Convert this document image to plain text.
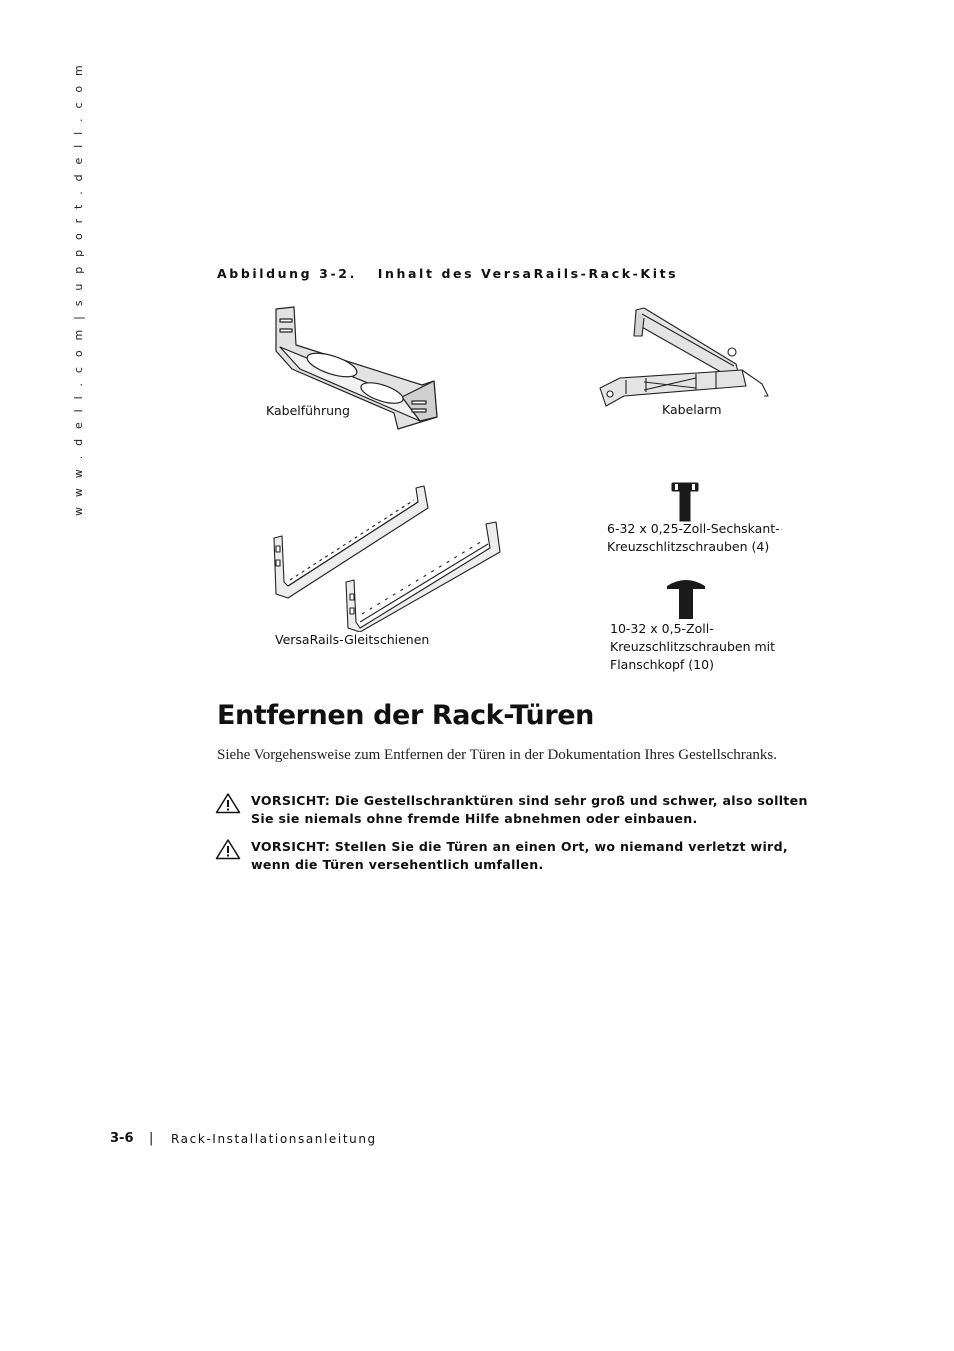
w w w . d e l l . c o m | s u p p o r t . d e l l . c o m	Abbildung 3-2.   Inhalt des VersaRails-Rack-Kits
Kabelführung	Kabelarm
VersaRails-Gleitschienen
6-32 x 0,25-Zoll-Sechskant-
Kreuzschlitzschrauben (4)
10-32 x 0,5-Zoll-
Kreuzschlitzschrauben mit
Flanschkopf (10)
Entfernen der Rack-Türen
Siehe Vorgehensweise zum Entfernen der Türen in der Dokumentation Ihres Gestellschranks.
VORSICHT: Die Gestellschranktüren sind sehr groß und schwer, also sollten Sie sie niemals ohne fremde Hilfe abnehmen oder einbauen.
VORSICHT: Stellen Sie die Türen an einen Ort, wo niemand verletzt wird, wenn die Türen versehentlich umfallen.
3-6 | Rack-Installationsanleitung
